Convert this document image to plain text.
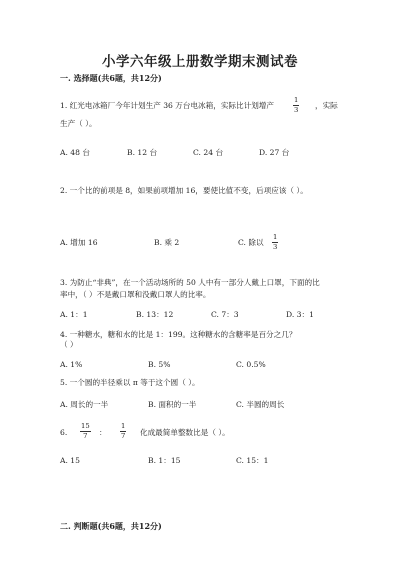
小学六年级上册数学期末测试卷
一. 选择题(共6题，共12分)
1. 红光电冰箱厂今年计划生产 36 万台电冰箱，实际比计划增产
1
3
，实际
生产（ ）。
A. 48 台	B. 12 台	C. 24 台	D. 27 台
2. 一个比的前项是 8，如果前项增加 16，要使比值不变，后项应该（ ）。
A. 增加 16	B. 乘 2	C. 除以
1
3
3. 为防止“非典”，在一个活动场所的 50 人中有一部分人戴上口罩，下面的比
率中，（ ）不是戴口罩和没戴口罩人的比率。
A. 1：1	B. 13：12	C. 7：3	D. 3：1
4. 一种糖水，糖和水的比是 1：199。这种糖水的含糖率是百分之几？
（ ）
A. 1%	B. 5%	C. 0.5%
5. 一个圆的半径乘以 π 等于这个圆（ ）。
A. 周长的一半	B. 面积的一半	C. 半圆的周长
6.
15
7 ：
1
7 化成最简单整数比是（ ）。
A. 15	B. 1：15	C. 15：1
二. 判断题(共6题，共12分)
